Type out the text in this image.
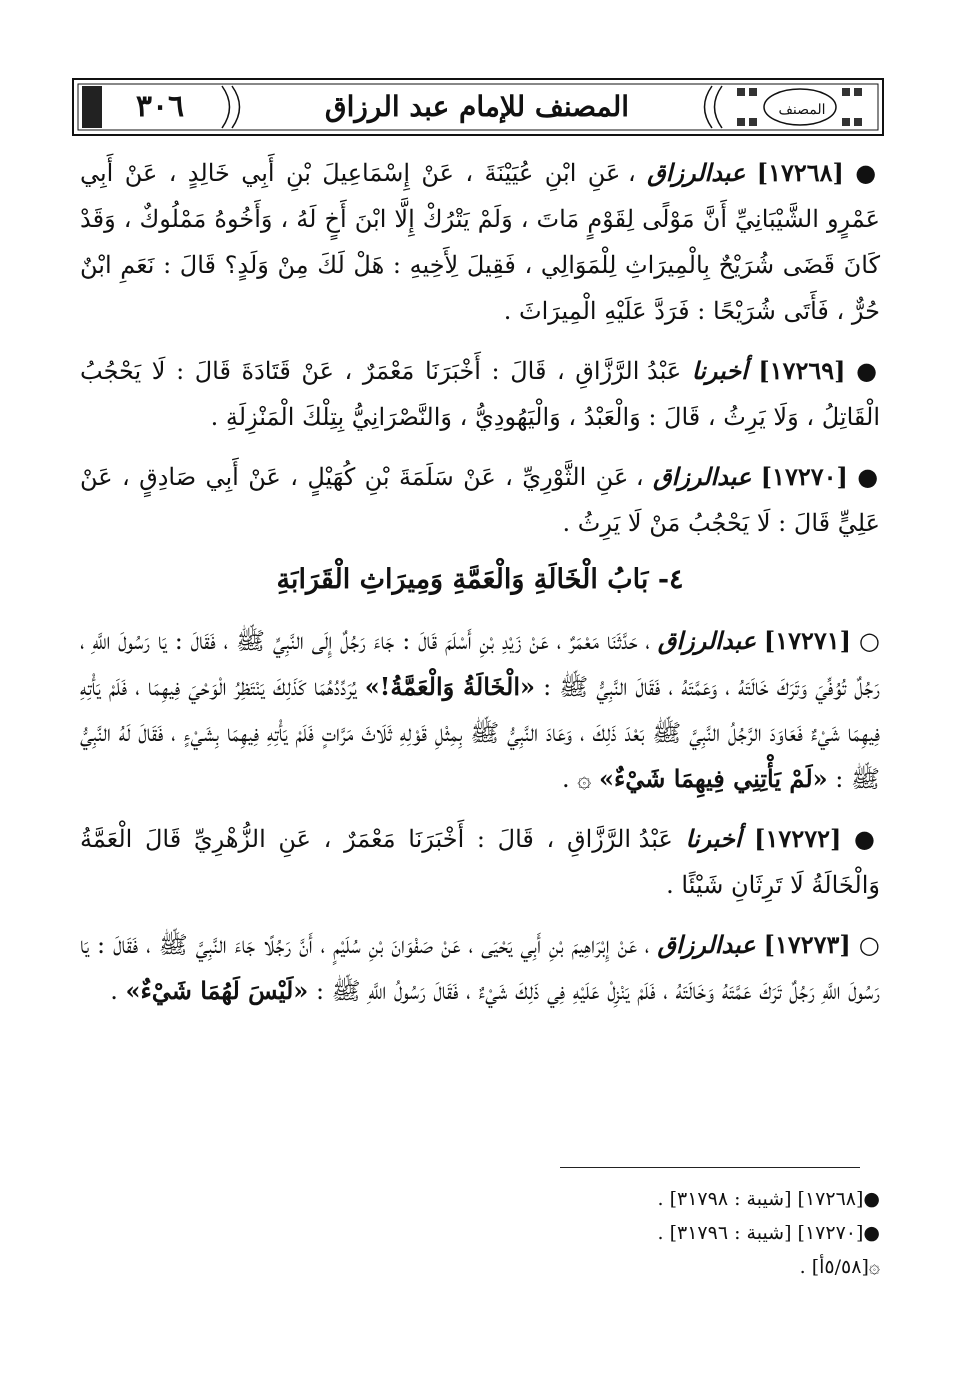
٣٠٦	المصنف للإمام عبد الرزاق	المصنف

● [١٧٢٦٨] عبدالرزاق ، عَنِ ابْنِ عُيَيْنَةَ ، عَنْ إِسْمَاعِيلَ بْنِ أَبِي خَالِدٍ ، عَنْ أَبِي عَمْرٍو الشَّيْبَانِيِّ أَنَّ مَوْلًى لِقَوْمٍ مَاتَ ، وَلَمْ يَتْرُكْ إِلَّا ابْنَ أَخٍ لَهُ ، وَأَخُوهُ مَمْلُوكٌ ، وَقَدْ كَانَ قَضَى شُرَيْحٌ بِالْمِيرَاثِ لِلْمَوَالِي ، فَقِيلَ لِأَخِيهِ : هَلْ لَكَ مِنْ وَلَدٍ؟ قَالَ : نَعَمِ ابْنٌ حُرٌّ ، فَأَتَى شُرَيْحًا : فَرَدَّ عَلَيْهِ الْمِيرَاثَ .

● [١٧٢٦٩] أخبرنا عَبْدُ الرَّزَّاقِ ، قَالَ : أَخْبَرَنَا مَعْمَرٌ ، عَنْ قَتَادَةَ قَالَ : لَا يَحْجُبُ الْقَاتِلُ ، وَلَا يَرِثُ ، قَالَ : وَالْعَبْدُ ، وَالْيَهُودِيُّ ، وَالنَّصْرَانِيُّ بِتِلْكَ الْمَنْزِلَةِ .

● [١٧٢٧٠] عبدالرزاق ، عَنِ الثَّوْرِيِّ ، عَنْ سَلَمَةَ بْنِ كُهَيْلٍ ، عَنْ أَبِي صَادِقٍ ، عَنْ عَلِيٍّ قَالَ : لَا يَحْجُبُ مَنْ لَا يَرِثُ .

٤- بَابُ الْخَالَةِ وَالْعَمَّةِ وَمِيرَاثِ الْقَرَابَةِ

○ [١٧٢٧١] عبدالرزاق ، حَدَّثَنَا مَعْمَرٌ ، عَنْ زَيْدِ بْنِ أَسْلَمَ قَالَ : جَاءَ رَجُلٌ إِلَى النَّبِيِّ ﷺ ، فَقَالَ : يَا رَسُولَ اللَّهِ ، رَجُلٌ تُوُفِّيَ وَتَرَكَ خَالَتَهُ ، وَعَمَّتَهُ ، فَقَالَ النَّبِيُّ ﷺ : «الْخَالَةُ وَالْعَمَّةُ!» يُرَدِّدُهُمَا كَذَلِكَ يَنْتَظِرُ الْوَحْيَ فِيهِمَا ، فَلَمْ يَأْتِهِ فِيهِمَا شَيْءٌ فَعَاوَدَ الرَّجُلُ النَّبِيَّ ﷺ بَعْدَ ذَلِكَ ، وَعَادَ النَّبِيُّ ﷺ بِمِثْلِ قَوْلِهِ ثَلَاثَ مَرَّاتٍ فَلَمْ يَأْتِهِ فِيهِمَا بِشَيْءٍ ، فَقَالَ لَهُ النَّبِيُّ ﷺ : «لَمْ يَأْتِنِي فِيهِمَا شَيْءٌ» ۞ .

● [١٧٢٧٢] أخبرنا عَبْدُ الرَّزَّاقِ ، قَالَ : أَخْبَرَنَا مَعْمَرٌ ، عَنِ الزُّهْرِيِّ قَالَ الْعَمَّةُ وَالْخَالَةُ لَا تَرِثَانِ شَيْئًا .

○ [١٧٢٧٣] عبدالرزاق ، عَنْ إِبْرَاهِيمَ بْنِ أَبِي يَحْيَى ، عَنْ صَفْوَانَ بْنِ سُلَيْمٍ ، أَنَّ رَجُلًا جَاءَ النَّبِيَّ ﷺ ، فَقَالَ : يَا رَسُولَ اللَّهِ رَجُلٌ تَرَكَ عَمَّتَهُ وَخَالَتَهُ ، فَلَمْ يَنْزِلْ عَلَيْهِ فِي ذَلِكَ شَيْءٌ ، فَقَالَ رَسُولُ اللَّهِ ﷺ : «لَيْسَ لَهُمَا شَيْءٌ» .

●[١٧٢٦٨] [شيبة : ٣١٧٩٨] .

●[١٧٢٧٠] [شيبة : ٣١٧٩٦] .

۞[٥/٥٨أ] .
